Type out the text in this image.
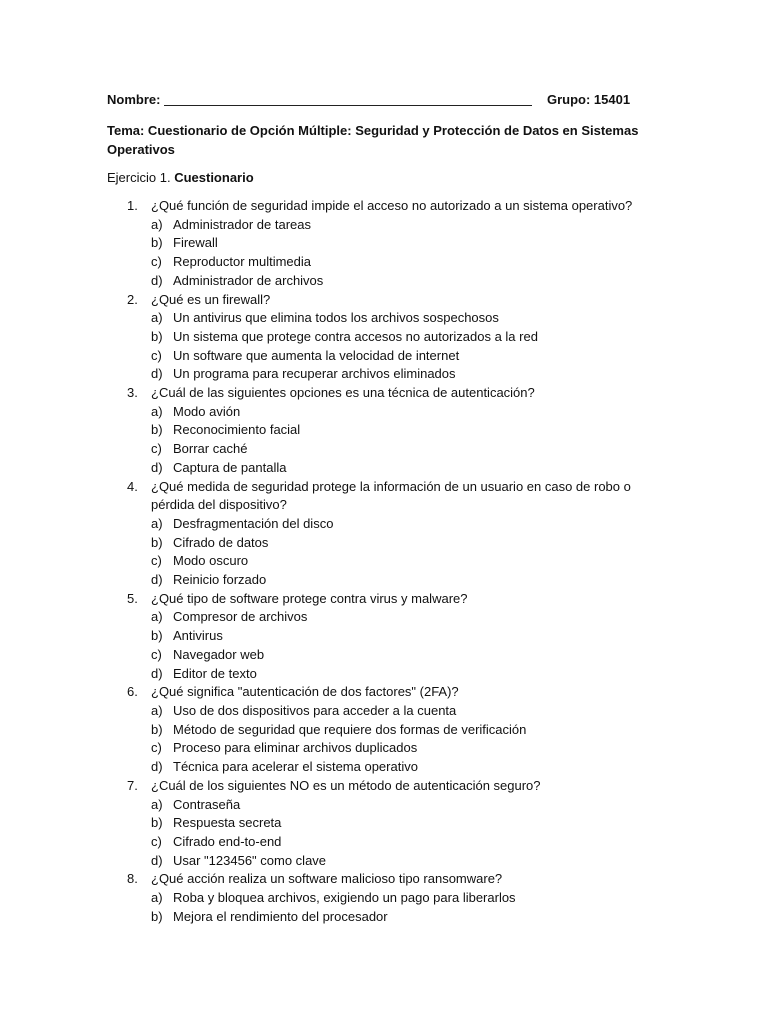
Nombre:	Grupo: 15401
Tema: Cuestionario de Opción Múltiple: Seguridad y Protección de Datos en Sistemas Operativos
Ejercicio 1. Cuestionario
1. ¿Qué función de seguridad impide el acceso no autorizado a un sistema operativo?
a) Administrador de tareas
b) Firewall
c) Reproductor multimedia
d) Administrador de archivos
2. ¿Qué es un firewall?
a) Un antivirus que elimina todos los archivos sospechosos
b) Un sistema que protege contra accesos no autorizados a la red
c) Un software que aumenta la velocidad de internet
d) Un programa para recuperar archivos eliminados
3. ¿Cuál de las siguientes opciones es una técnica de autenticación?
a) Modo avión
b) Reconocimiento facial
c) Borrar caché
d) Captura de pantalla
4. ¿Qué medida de seguridad protege la información de un usuario en caso de robo o pérdida del dispositivo?
a) Desfragmentación del disco
b) Cifrado de datos
c) Modo oscuro
d) Reinicio forzado
5. ¿Qué tipo de software protege contra virus y malware?
a) Compresor de archivos
b) Antivirus
c) Navegador web
d) Editor de texto
6. ¿Qué significa "autenticación de dos factores" (2FA)?
a) Uso de dos dispositivos para acceder a la cuenta
b) Método de seguridad que requiere dos formas de verificación
c) Proceso para eliminar archivos duplicados
d) Técnica para acelerar el sistema operativo
7. ¿Cuál de los siguientes NO es un método de autenticación seguro?
a) Contraseña
b) Respuesta secreta
c) Cifrado end-to-end
d) Usar "123456" como clave
8. ¿Qué acción realiza un software malicioso tipo ransomware?
a) Roba y bloquea archivos, exigiendo un pago para liberarlos
b) Mejora el rendimiento del procesador
